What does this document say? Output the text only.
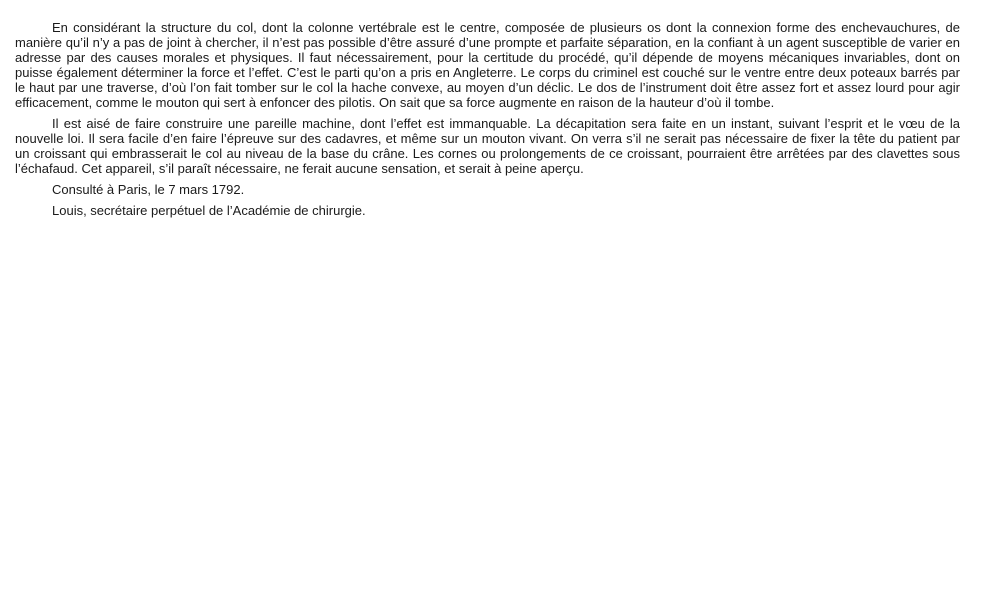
En considérant la structure du col, dont la colonne vertébrale est le centre, composée de plusieurs os dont la connexion forme des enchevauchures, de manière qu’il n’y a pas de joint à chercher, il n’est pas possible d’être assuré d’une prompte et parfaite séparation, en la confiant à un agent susceptible de varier en adresse par des causes morales et physiques. Il faut nécessairement, pour la certitude du procédé, qu’il dépende de moyens mécaniques invariables, dont on puisse également déterminer la force et l’effet. C’est le parti qu’on a pris en Angleterre. Le corps du criminel est couché sur le ventre entre deux poteaux barrés par le haut par une traverse, d’où l’on fait tomber sur le col la hache convexe, au moyen d’un déclic. Le dos de l’instrument doit être assez fort et assez lourd pour agir efficacement, comme le mouton qui sert à enfoncer des pilotis. On sait que sa force augmente en raison de la hauteur d’où il tombe.

Il est aisé de faire construire une pareille machine, dont l’effet est immanquable. La décapitation sera faite en un instant, suivant l’esprit et le vœu de la nouvelle loi. Il sera facile d’en faire l’épreuve sur des cadavres, et même sur un mouton vivant. On verra s’il ne serait pas nécessaire de fixer la tête du patient par un croissant qui embrasserait le col au niveau de la base du crâne. Les cornes ou prolongements de ce croissant, pourraient être arrêtées par des clavettes sous l’échafaud. Cet appareil, s’il paraît nécessaire, ne ferait aucune sensation, et serait à peine aperçu.

Consulté à Paris, le 7 mars 1792.

Louis, secrétaire perpétuel de l’Académie de chirurgie.
